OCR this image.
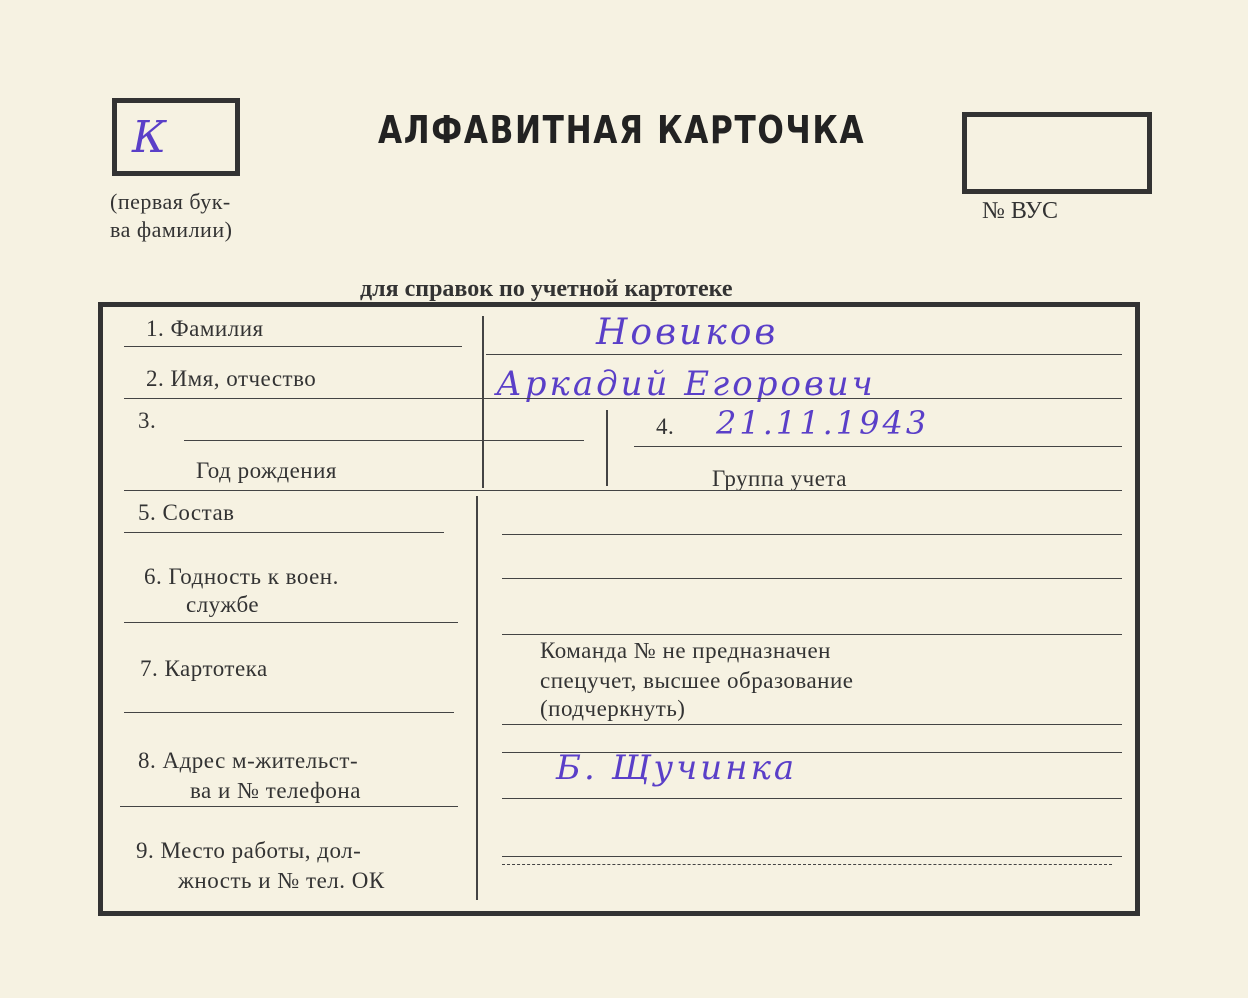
К
(первая бук-
ва фамилии)
АЛФАВИТНАЯ КАРТОЧКА
№ ВУС
для справок по учетной картотеке
1. Фамилия	Новиков
2. Имя, отчество	Аркадий Егорович
3.
Год рождения
4. 21.11.1943
Группа учета
5. Состав
6. Годность к воен.
службе
7. Картотека
Команда № не предназначен
спецучет, высшее образование
(подчеркнуть)
8. Адрес м-жительст-
ва и № телефона
Б. Щучинка
9. Место работы, дол-
жность и № тел. ОК
